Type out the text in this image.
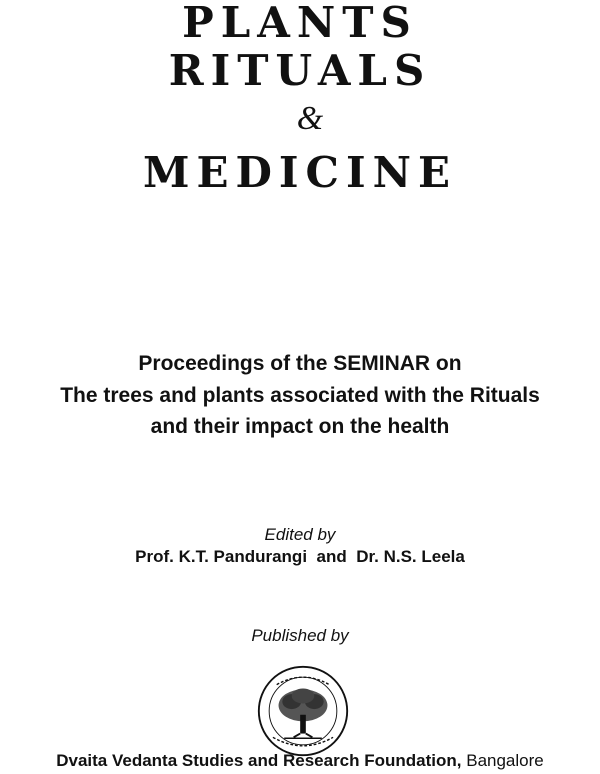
PLANTS
RITUALS
&
MEDICINE
Proceedings of the SEMINAR on
The trees and plants associated with the Rituals
and their impact on the health
Edited by
Prof. K.T. Pandurangi and Dr. N.S. Leela
Published by
Dvaita Vedanta Studies and Research Foundation, Bangalore
